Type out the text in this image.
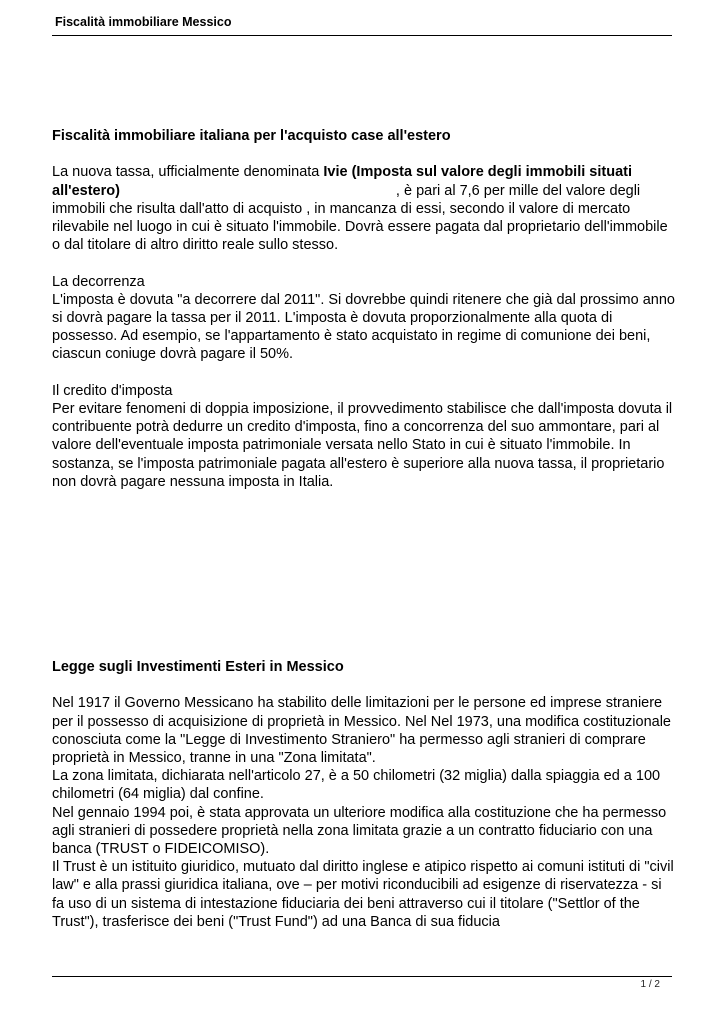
Fiscalità immobiliare Messico

Fiscalità immobiliare italiana per l'acquisto case all'estero

La nuova tassa, ufficialmente denominata Ivie (Imposta sul valore degli immobili situati all'estero)	, è pari al 7,6 per mille del valore degli immobili che risulta dall'atto di acquisto , in mancanza di essi, secondo il valore di mercato rilevabile nel luogo in cui è situato l'immobile. Dovrà essere pagata dal proprietario dell'immobile o dal titolare di altro diritto reale sullo stesso.

La decorrenza

L'imposta è dovuta "a decorrere dal 2011". Si dovrebbe quindi ritenere che già dal prossimo anno si dovrà pagare la tassa per il 2011. L'imposta è dovuta proporzionalmente alla quota di possesso. Ad esempio, se l'appartamento è stato acquistato in regime di comunione dei beni, ciascun coniuge dovrà pagare il 50%.

Il credito d'imposta

Per evitare fenomeni di doppia imposizione, il provvedimento stabilisce che dall'imposta dovuta il contribuente potrà dedurre un credito d'imposta, fino a concorrenza del suo ammontare, pari al valore dell'eventuale imposta patrimoniale versata nello Stato in cui è situato l'immobile. In sostanza, se l'imposta patrimoniale pagata all'estero è superiore alla nuova tassa, il proprietario non dovrà pagare nessuna imposta in Italia.

Legge sugli Investimenti Esteri in Messico

Nel 1917 il Governo Messicano ha stabilito delle limitazioni per le persone ed imprese straniere per il possesso di acquisizione di proprietà in Messico. Nel Nel 1973, una modifica costituzionale conosciuta come la "Legge di Investimento Straniero" ha permesso agli stranieri di comprare proprietà in Messico, tranne in una "Zona limitata".

La zona limitata, dichiarata nell'articolo 27, è a 50 chilometri (32 miglia) dalla spiaggia ed a 100 chilometri (64 miglia) dal confine.

Nel gennaio 1994 poi, è stata approvata un ulteriore modifica alla costituzione che ha permesso agli stranieri di possedere proprietà nella zona limitata grazie a un contratto fiduciario con una banca (TRUST o FIDEICOMISO).

Il Trust è un istituito giuridico, mutuato dal diritto inglese e atipico rispetto ai comuni istituti di "civil law" e alla prassi giuridica italiana, ove – per motivi riconducibili ad esigenze di riservatezza - si fa uso di un sistema di intestazione fiduciaria dei beni attraverso cui il titolare ("Settlor of the Trust"), trasferisce dei beni ("Trust Fund") ad una Banca di sua fiducia

1 / 2
